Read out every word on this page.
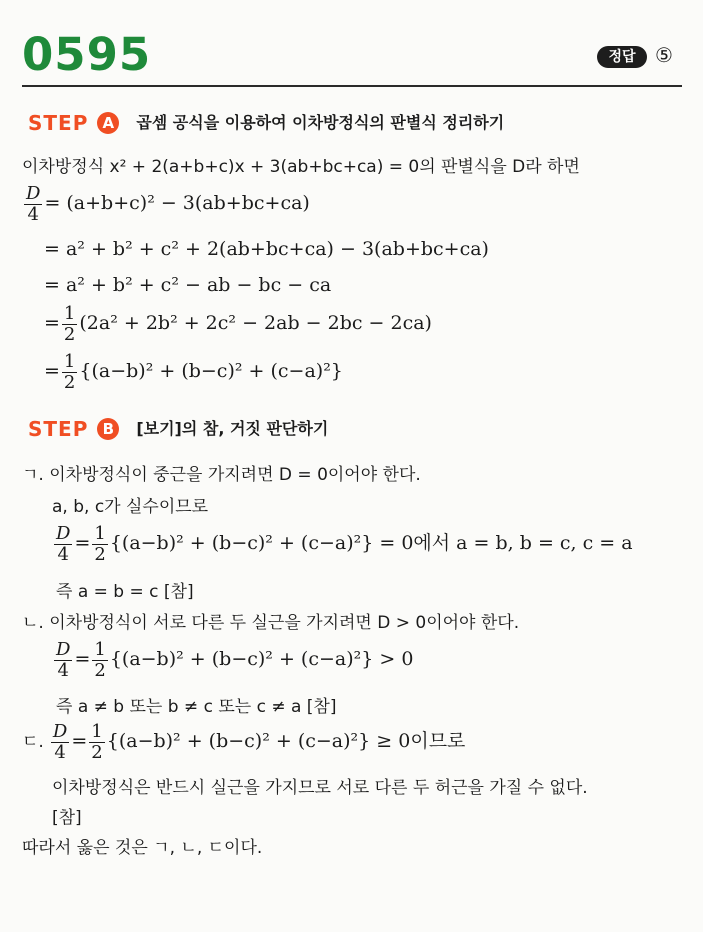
0595	정답 ⑤
STEP A 곱셈 공식을 이용하여 이차방정식의 판별식 정리하기
이차방정식 x² + 2(a+b+c)x + 3(ab+bc+ca) = 0의 판별식을 D라 하면
$\frac{D}{4} = (a+b+c)^2 - 3(ab+bc+ca)$
= a² + b² + c² + 2(ab+bc+ca) − 3(ab+bc+ca)
= a² + b² + c² − ab − bc − ca
= $\frac{1}{2} (2a^2 + 2b^2 + 2c^2 - 2ab - 2bc - 2ca)$
= $\frac{1}{2} \{(a-b)^2 + (b-c)^2 + (c-a)^2\}$
STEP B [보기]의 참, 거짓 판단하기
ㄱ. 이차방정식이 중근을 가지려면 D = 0이어야 한다.
a, b, c가 실수이므로
$\frac{D}{4} = \frac{1}{2} \{(a-b)^2 + (b-c)^2 + (c-a)^2\} = 0$에서 a = b, b = c, c = a
즉 a = b = c [참]
ㄴ. 이차방정식이 서로 다른 두 실근을 가지려면 D > 0이어야 한다.
$\frac{D}{4} = \frac{1}{2} \{(a-b)^2 + (b-c)^2 + (c-a)^2\} > 0$
즉 a ≠ b 또는 b ≠ c 또는 c ≠ a [참]
ㄷ. $\frac{D}{4} = \frac{1}{2} \{(a-b)^2 + (b-c)^2 + (c-a)^2\} \ge 0$이므로
이차방정식은 반드시 실근을 가지므로 서로 다른 두 허근을 가질 수 없다.
[참]
따라서 옳은 것은 ㄱ, ㄴ, ㄷ이다.
